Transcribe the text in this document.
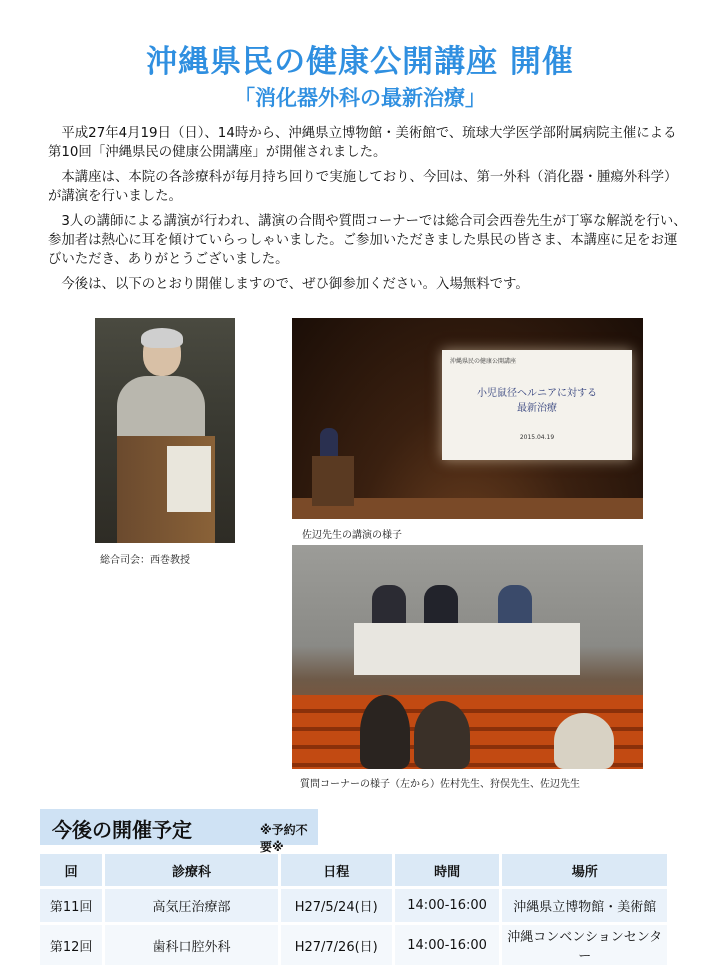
沖縄県民の健康公開講座 開催
「消化器外科の最新治療」

平成27年4月19日（日）、14時から、沖縄県立博物館・美術館で、琉球大学医学部附属病院主催による第10回「沖縄県民の健康公開講座」が開催されました。

本講座は、本院の各診療科が毎月持ち回りで実施しており、今回は、第一外科（消化器・腫瘍外科学）が講演を行いました。

3人の講師による講演が行われ、講演の合間や質問コーナーでは総合司会西巻先生が丁寧な解説を行い、参加者は熱心に耳を傾けていらっしゃいました。ご参加いただきました県民の皆さま、本講座に足をお運びいただき、ありがとうございました。

今後は、以下のとおり開催しますので、ぜひ御参加ください。入場無料です。

総合司会：西巻教授
沖縄県民の健康公開講座
小児鼠径ヘルニアに対する
最新治療
2015.04.19
佐辺先生の講演の様子
質問コーナーの様子（左から）佐村先生、狩俣先生、佐辺先生
今後の開催予定	※予約不要※
回	診療科	日程	時間	場所
第11回	高気圧治療部	H27/5/24(日)	14:00-16:00	沖縄県立博物館・美術館
第12回	歯科口腔外科	H27/7/26(日)	14:00-16:00	沖縄コンベンションセンター
